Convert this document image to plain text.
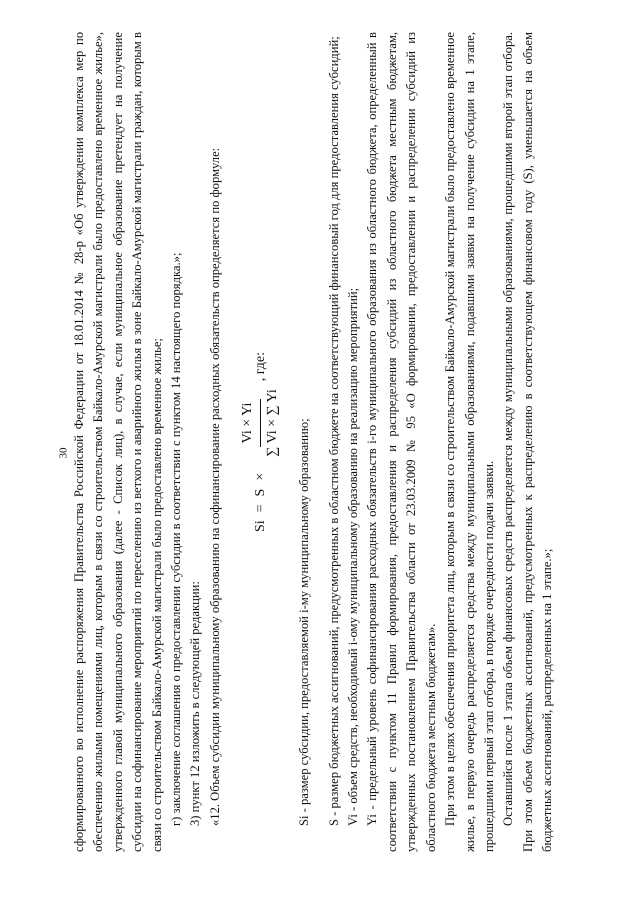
30 сформированного во исполнение распоряжения Правительства Российской Федерации от 18.01.2014 № 28-р «Об утверждении комплекса мер по обеспечению жилыми помещениями лиц, которым в связи со строительством Байкало-Амурской магистрали было предоставлено временное жилье», утвержденного главой муниципального образования (далее - Список лиц), в случае, если муниципальное образование претендует на получение субсидии на софинансирование мероприятий по переселению из ветхого и аварийного жилья в зоне Байкало-Амурской магистрали граждан, которым в связи со строительством Байкало-Амурской магистрали было предоставлено временное жилье; г) заключение соглашения о предоставлении субсидии в соответствии с пунктом 14 настоящего порядка.»; 3) пункт 12 изложить в следующей редакции: «12. Объем субсидии муниципальному образованию на софинансирование расходных обязательств определяется по формуле: Si
=
S
×
Vi × Yi ∑ Vi × ∑ Yi
, где:

Si - размер субсидии, предоставляемой i-му муниципальному образованию; S - размер бюджетных ассигнований, предусмотренных в областном бюджете на соответствующий финансовый год для предоставления субсидий; Vi - объем средств, необходимый i-ому муниципальному образованию на реализацию мероприятий; Yi - предельный уровень софинансирования расходных обязательств i-го муниципального образования из областного бюджета, определенный в соответствии с пунктом 11 Правил формирования, предоставления и распределения субсидий из областного бюджета местным бюджетам, утвержденных постановлением Правительства области от 23.03.2009 № 95 «О формировании, предоставлении и распределении субсидий из областного бюджета местным бюджетам». При этом в целях обеспечения приоритета лиц, которым в связи со строительством Байкало-Амурской магистрали было предоставлено временное жилье, в первую очередь распределяется средства между муниципальными образованиями, подавшими заявки на получение субсидии на 1 этапе, прошедшими первый этап отбора, в порядке очередности подачи заявки. Оставшийся после 1 этапа объем финансовых средств распределяется между муниципальными образованиями, прошедшими второй этап отбора. При этом объем бюджетных ассигнований, предусмотренных к распределению в соответствующем финансовом году (S), уменьшается на объем бюджетных ассигнований, распределенных на 1 этапе.»;
